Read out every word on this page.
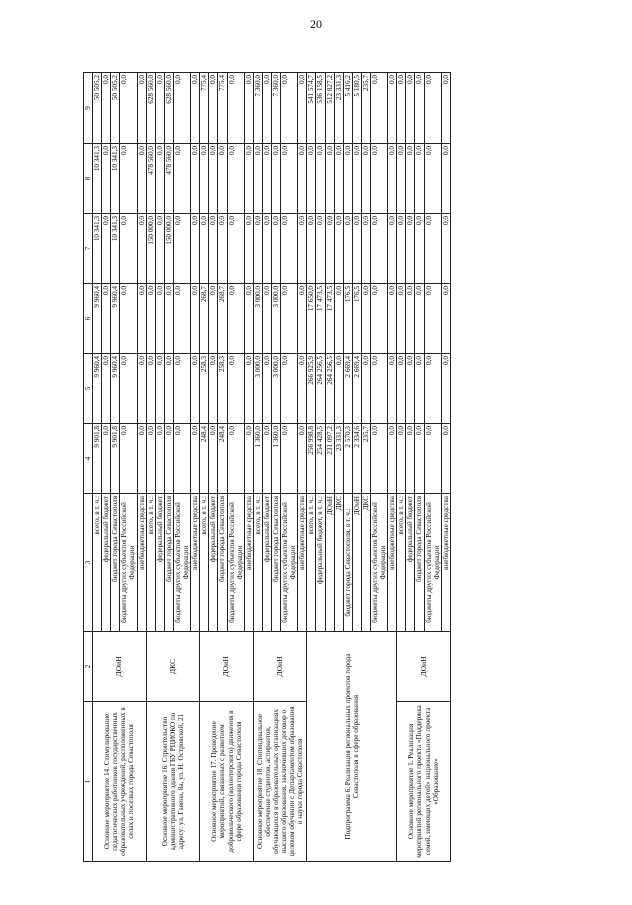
20
1	2	3	4	5	6	7	8	9
Основное мероприятие 14. Стимулирование педагогических работников государственных образовательных учреждений, расположенных в селах и поселках города Севастополя	ДОиН	всего, в т. ч.:	9 901,8	9 960,4	9 960,4	10 341,3	10 341,3	50 505,2
		федеральный бюджет	0,0	0,0	0,0	0,0	0,0	0,0
		бюджет города Севастополя	9 901,8	9 960,4	9 960,4	10 341,3	10 341,3	50 505,2
		бюджеты других субъектов Российской Федерации	0,0	0,0	0,0	0,0	0,0	0,0
		внебюджетные средства	0,0	0,0	0,0	0,0	0,0	0,0
Основное мероприятие 16. Строительство административного здания ГБУ РЦИОКО по адресу: ул. Гавена, 8а, ул. Н. Островской, 21	ДКС	всего, в т. ч.:	0,0	0,0	0,0	150 000,0	478 560,0	628 560,0
		федеральный бюджет	0,0	0,0	0,0	0,0	0,0	0,0
		бюджет города Севастополя	0,0	0,0	0,0	150 000,0	478 560,0	628 560,0
		бюджеты других субъектов Российской Федерации	0,0	0,0	0,0	0,0	0,0	0,0
		внебюджетные средства	0,0	0,0	0,0	0,0	0,0	0,0
Основное мероприятие 17. Проведение мероприятий, связанных с развитием добровольческого (волонтерского) движения в сфере образования города Севастополя	ДОиН	всего, в т. ч.:	248,4	258,3	268,7	0,0	0,0	775,4
		федеральный бюджет	0,0	0,0	0,0	0,0	0,0	0,0
		бюджет города Севастополя	248,4	258,3	268,7	0,0	0,0	775,4
		бюджеты других субъектов Российской Федерации	0,0	0,0	0,0	0,0	0,0	0,0
		внебюджетные средства	0,0	0,0	0,0	0,0	0,0	0,0
Основное мероприятие 18. Стипендиальное обеспечение студентов, аспирантов, обучающихся в образовательных организациях высшего образования, заключивших договор о целевом обучении с Департаментом образования и науки города Севастополя	ДОиН	всего, в т. ч.:	1 360,0	3 000,0	3 000,0	0,0	0,0	7 360,0
		федеральный бюджет	0,0	0,0	0,0	0,0	0,0	0,0
		бюджет города Севастополя	1 360,0	3 000,0	3 000,0	0,0	0,0	7 360,0
		бюджеты других субъектов Российской Федерации	0,0	0,0	0,0	0,0	0,0	0,0
		внебюджетные средства	0,0	0,0	0,0	0,0	0,0	0,0
Подпрограмма 6. Реализация региональных проектов города Севастополя в сфере образования		всего, в т. ч.:	256 998,8	266 925,9	17 650,0	0,0	0,0	541 574,7
		федеральный бюджет, в т. ч.:	254 428,5	264 256,5	17 473,5	0,0	0,0	536 158,5
		ДОиН	231 097,2	264 256,5	17 473,5	0,0	0,0	512 827,2
		ДКС	23 331,3	0,0	0,0	0,0	0,0	23 331,3
		бюджет города Севастополя, в т. ч.:	2 570,3	2 669,4	176,5	0,0	0,0	5 416,2
		ДОиН	2 334,6	2 669,4	176,5	0,0	0,0	5 180,5
		ДКС	235,7	0,0	0,0	0,0	0,0	235,7
		бюджеты других субъектов Российской Федерации	0,0	0,0	0,0	0,0	0,0	0,0
		внебюджетные средства	0,0	0,0	0,0	0,0	0,0	0,0
Основное мероприятие 1. Реализация мероприятий регионального проекта «Поддержка семей, имеющих детей» национального проекта «Образование»	ДОиН	всего, в т. ч.:	0,0	0,0	0,0	0,0	0,0	0,0
		федеральный бюджет	0,0	0,0	0,0	0,0	0,0	0,0
		бюджет города Севастополя	0,0	0,0	0,0	0,0	0,0	0,0
		бюджеты других субъектов Российской Федерации	0,0	0,0	0,0	0,0	0,0	0,0
		внебюджетные средства	0,0	0,0	0,0	0,0	0,0	0,0
